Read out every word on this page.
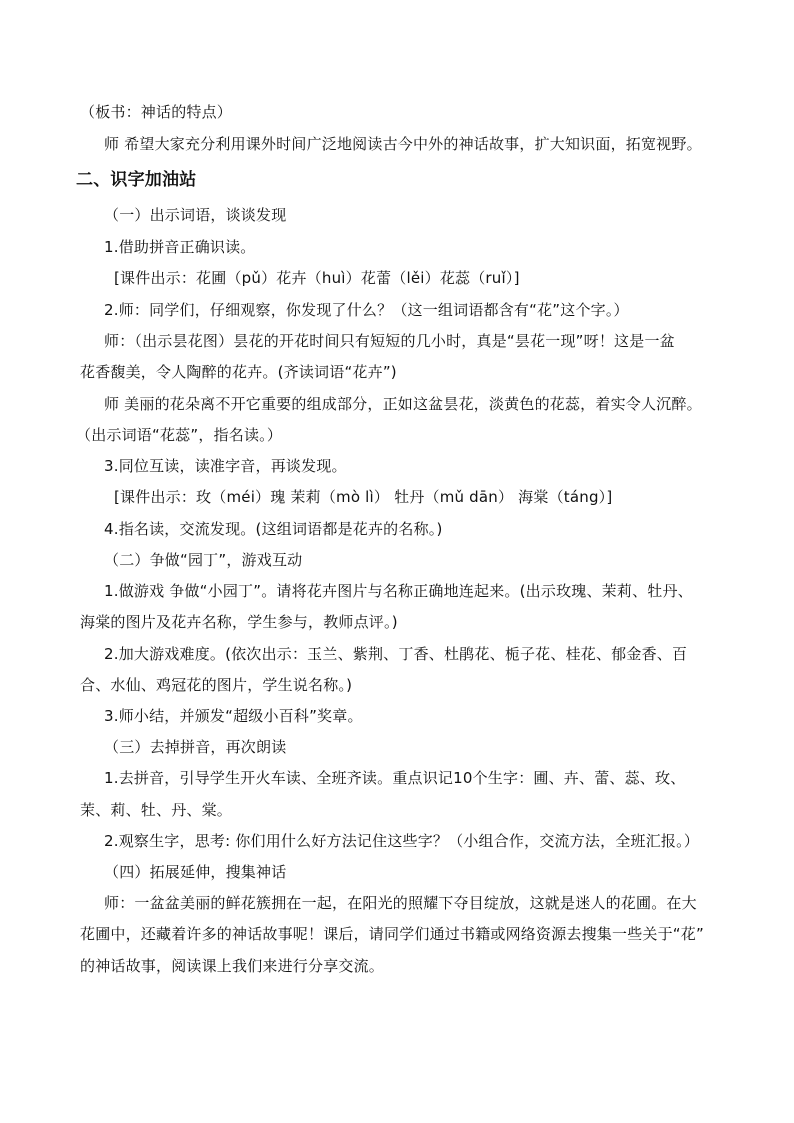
（板书：神话的特点）
师 希望大家充分利用课外时间广泛地阅读古今中外的神话故事，扩大知识面，拓宽视野。
二、识字加油站
（一）出示词语，谈谈发现
1.借助拼音正确识读。
[课件出示：花圃（pǔ）花卉（huì）花蕾（lěi）花蕊（ruǐ）]
2.师：同学们，仔细观察，你发现了什么？（这一组词语都含有“花”这个字。）
师：（出示昙花图）昙花的开花时间只有短短的几小时，真是“昙花一现”呀！这是一盆
花香馥美，令人陶醉的花卉。(齐读词语“花卉”)
师 美丽的花朵离不开它重要的组成部分，正如这盆昙花，淡黄色的花蕊，着实令人沉醉。
（出示词语“花蕊”，指名读。）
3.同位互读，读准字音，再谈发现。
[课件出示：玫（méi）瑰 茉莉（mò lì） 牡丹（mǔ dān） 海棠（táng）]
4.指名读，交流发现。(这组词语都是花卉的名称。)
（二）争做“园丁”，游戏互动
1.做游戏 争做“小园丁”。请将花卉图片与名称正确地连起来。(出示玫瑰、茉莉、牡丹、
海棠的图片及花卉名称，学生参与，教师点评。)
2.加大游戏难度。(依次出示：玉兰、紫荆、丁香、杜鹃花、栀子花、桂花、郁金香、百
合、水仙、鸡冠花的图片，学生说名称。)
3.师小结，并颁发“超级小百科”奖章。
（三）去掉拼音，再次朗读
1.去拼音，引导学生开火车读、全班齐读。重点识记10个生字：圃、卉、蕾、蕊、玫、
茉、莉、牡、丹、棠。
2.观察生字，思考: 你们用什么好方法记住这些字？（小组合作，交流方法，全班汇报。）
（四）拓展延伸，搜集神话
师：一盆盆美丽的鲜花簇拥在一起，在阳光的照耀下夺目绽放，这就是迷人的花圃。在大
花圃中，还藏着许多的神话故事呢！课后，请同学们通过书籍或网络资源去搜集一些关于“花”
的神话故事，阅读课上我们来进行分享交流。
